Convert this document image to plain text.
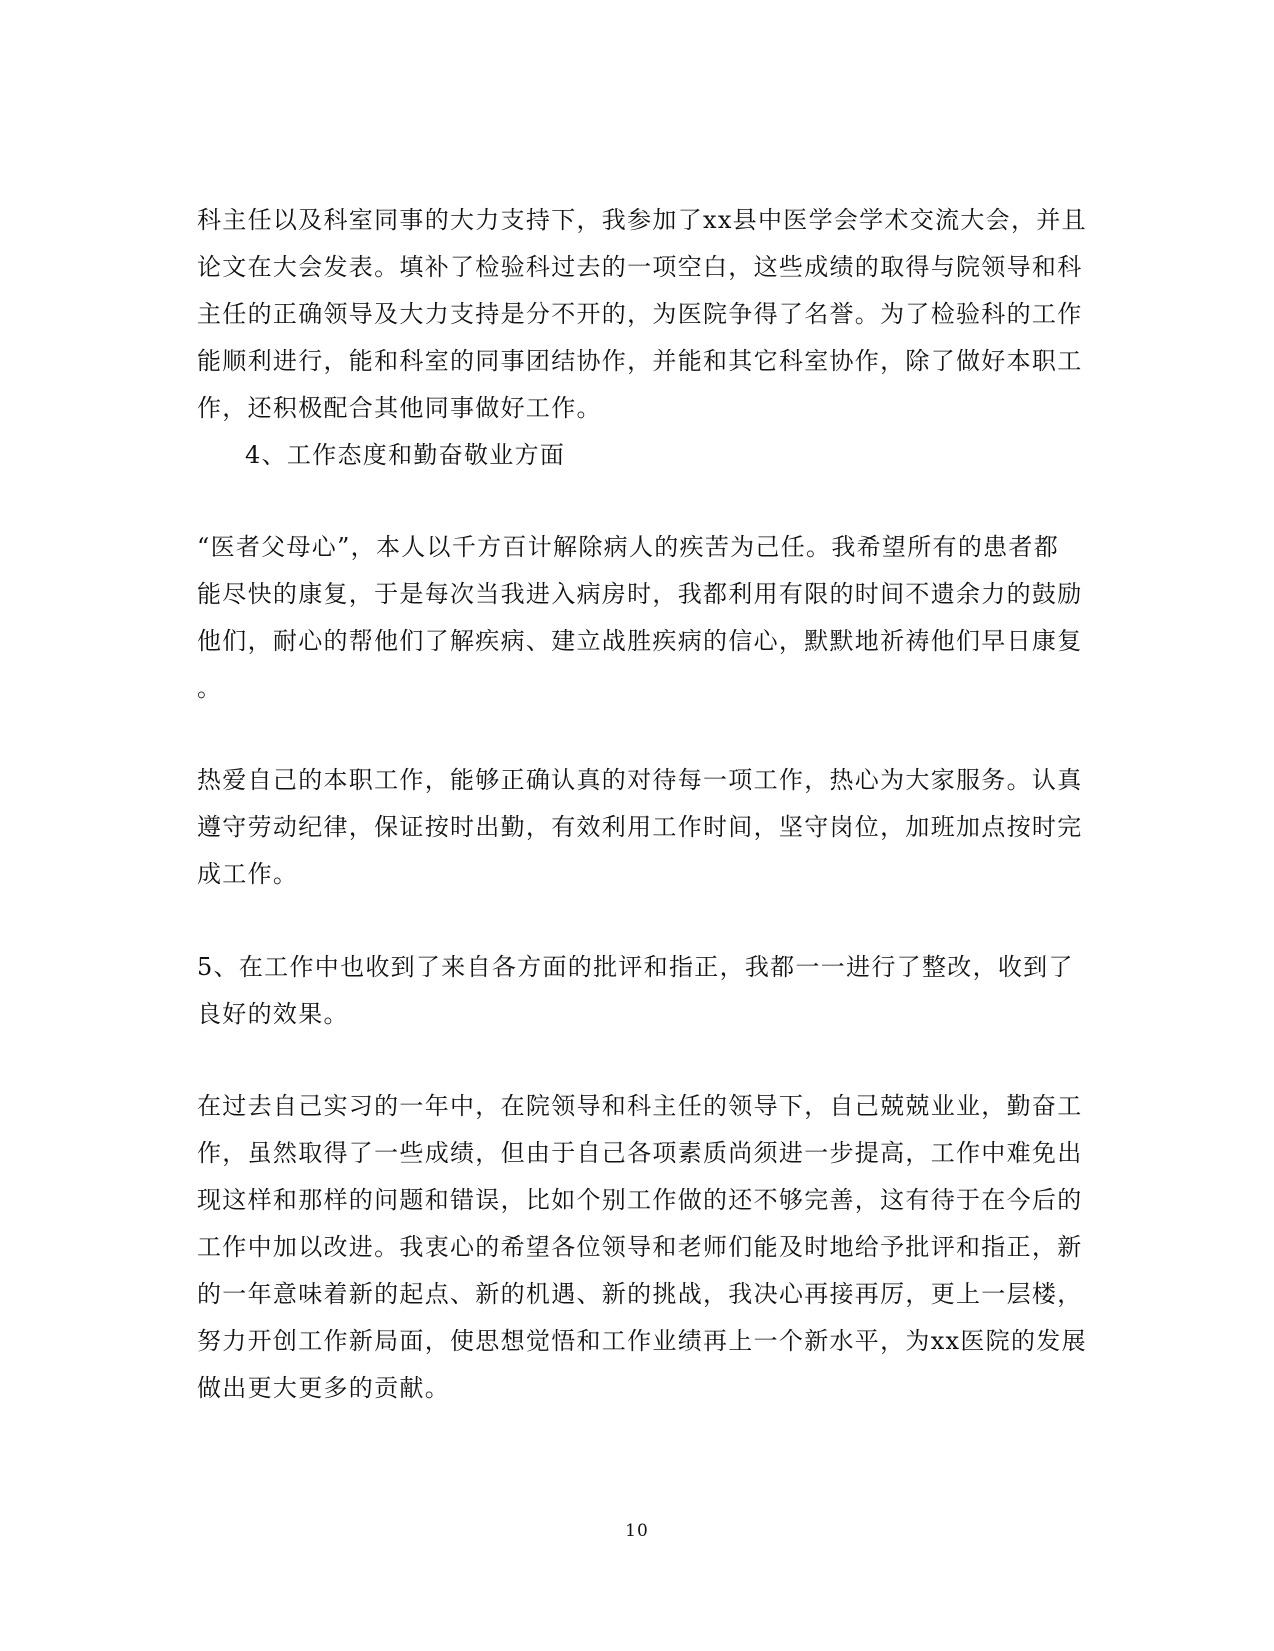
科主任以及科室同事的大力支持下，我参加了xx县中医学会学术交流大会，并且
论文在大会发表。填补了检验科过去的一项空白，这些成绩的取得与院领导和科
主任的正确领导及大力支持是分不开的，为医院争得了名誉。为了检验科的工作
能顺利进行，能和科室的同事团结协作，并能和其它科室协作，除了做好本职工
作，还积极配合其他同事做好工作。
4、工作态度和勤奋敬业方面
“医者父母心”，本人以千方百计解除病人的疾苦为己任。我希望所有的患者都
能尽快的康复，于是每次当我进入病房时，我都利用有限的时间不遗余力的鼓励
他们，耐心的帮他们了解疾病、建立战胜疾病的信心，默默地祈祷他们早日康复
。
热爱自己的本职工作，能够正确认真的对待每一项工作，热心为大家服务。认真
遵守劳动纪律，保证按时出勤，有效利用工作时间，坚守岗位，加班加点按时完
成工作。
5、在工作中也收到了来自各方面的批评和指正，我都一一进行了整改，收到了
良好的效果。
在过去自己实习的一年中，在院领导和科主任的领导下，自己兢兢业业，勤奋工
作，虽然取得了一些成绩，但由于自己各项素质尚须进一步提高，工作中难免出
现这样和那样的问题和错误，比如个别工作做的还不够完善，这有待于在今后的
工作中加以改进。我衷心的希望各位领导和老师们能及时地给予批评和指正，新
的一年意味着新的起点、新的机遇、新的挑战，我决心再接再厉，更上一层楼，
努力开创工作新局面，使思想觉悟和工作业绩再上一个新水平，为xx医院的发展
做出更大更多的贡献。
10
